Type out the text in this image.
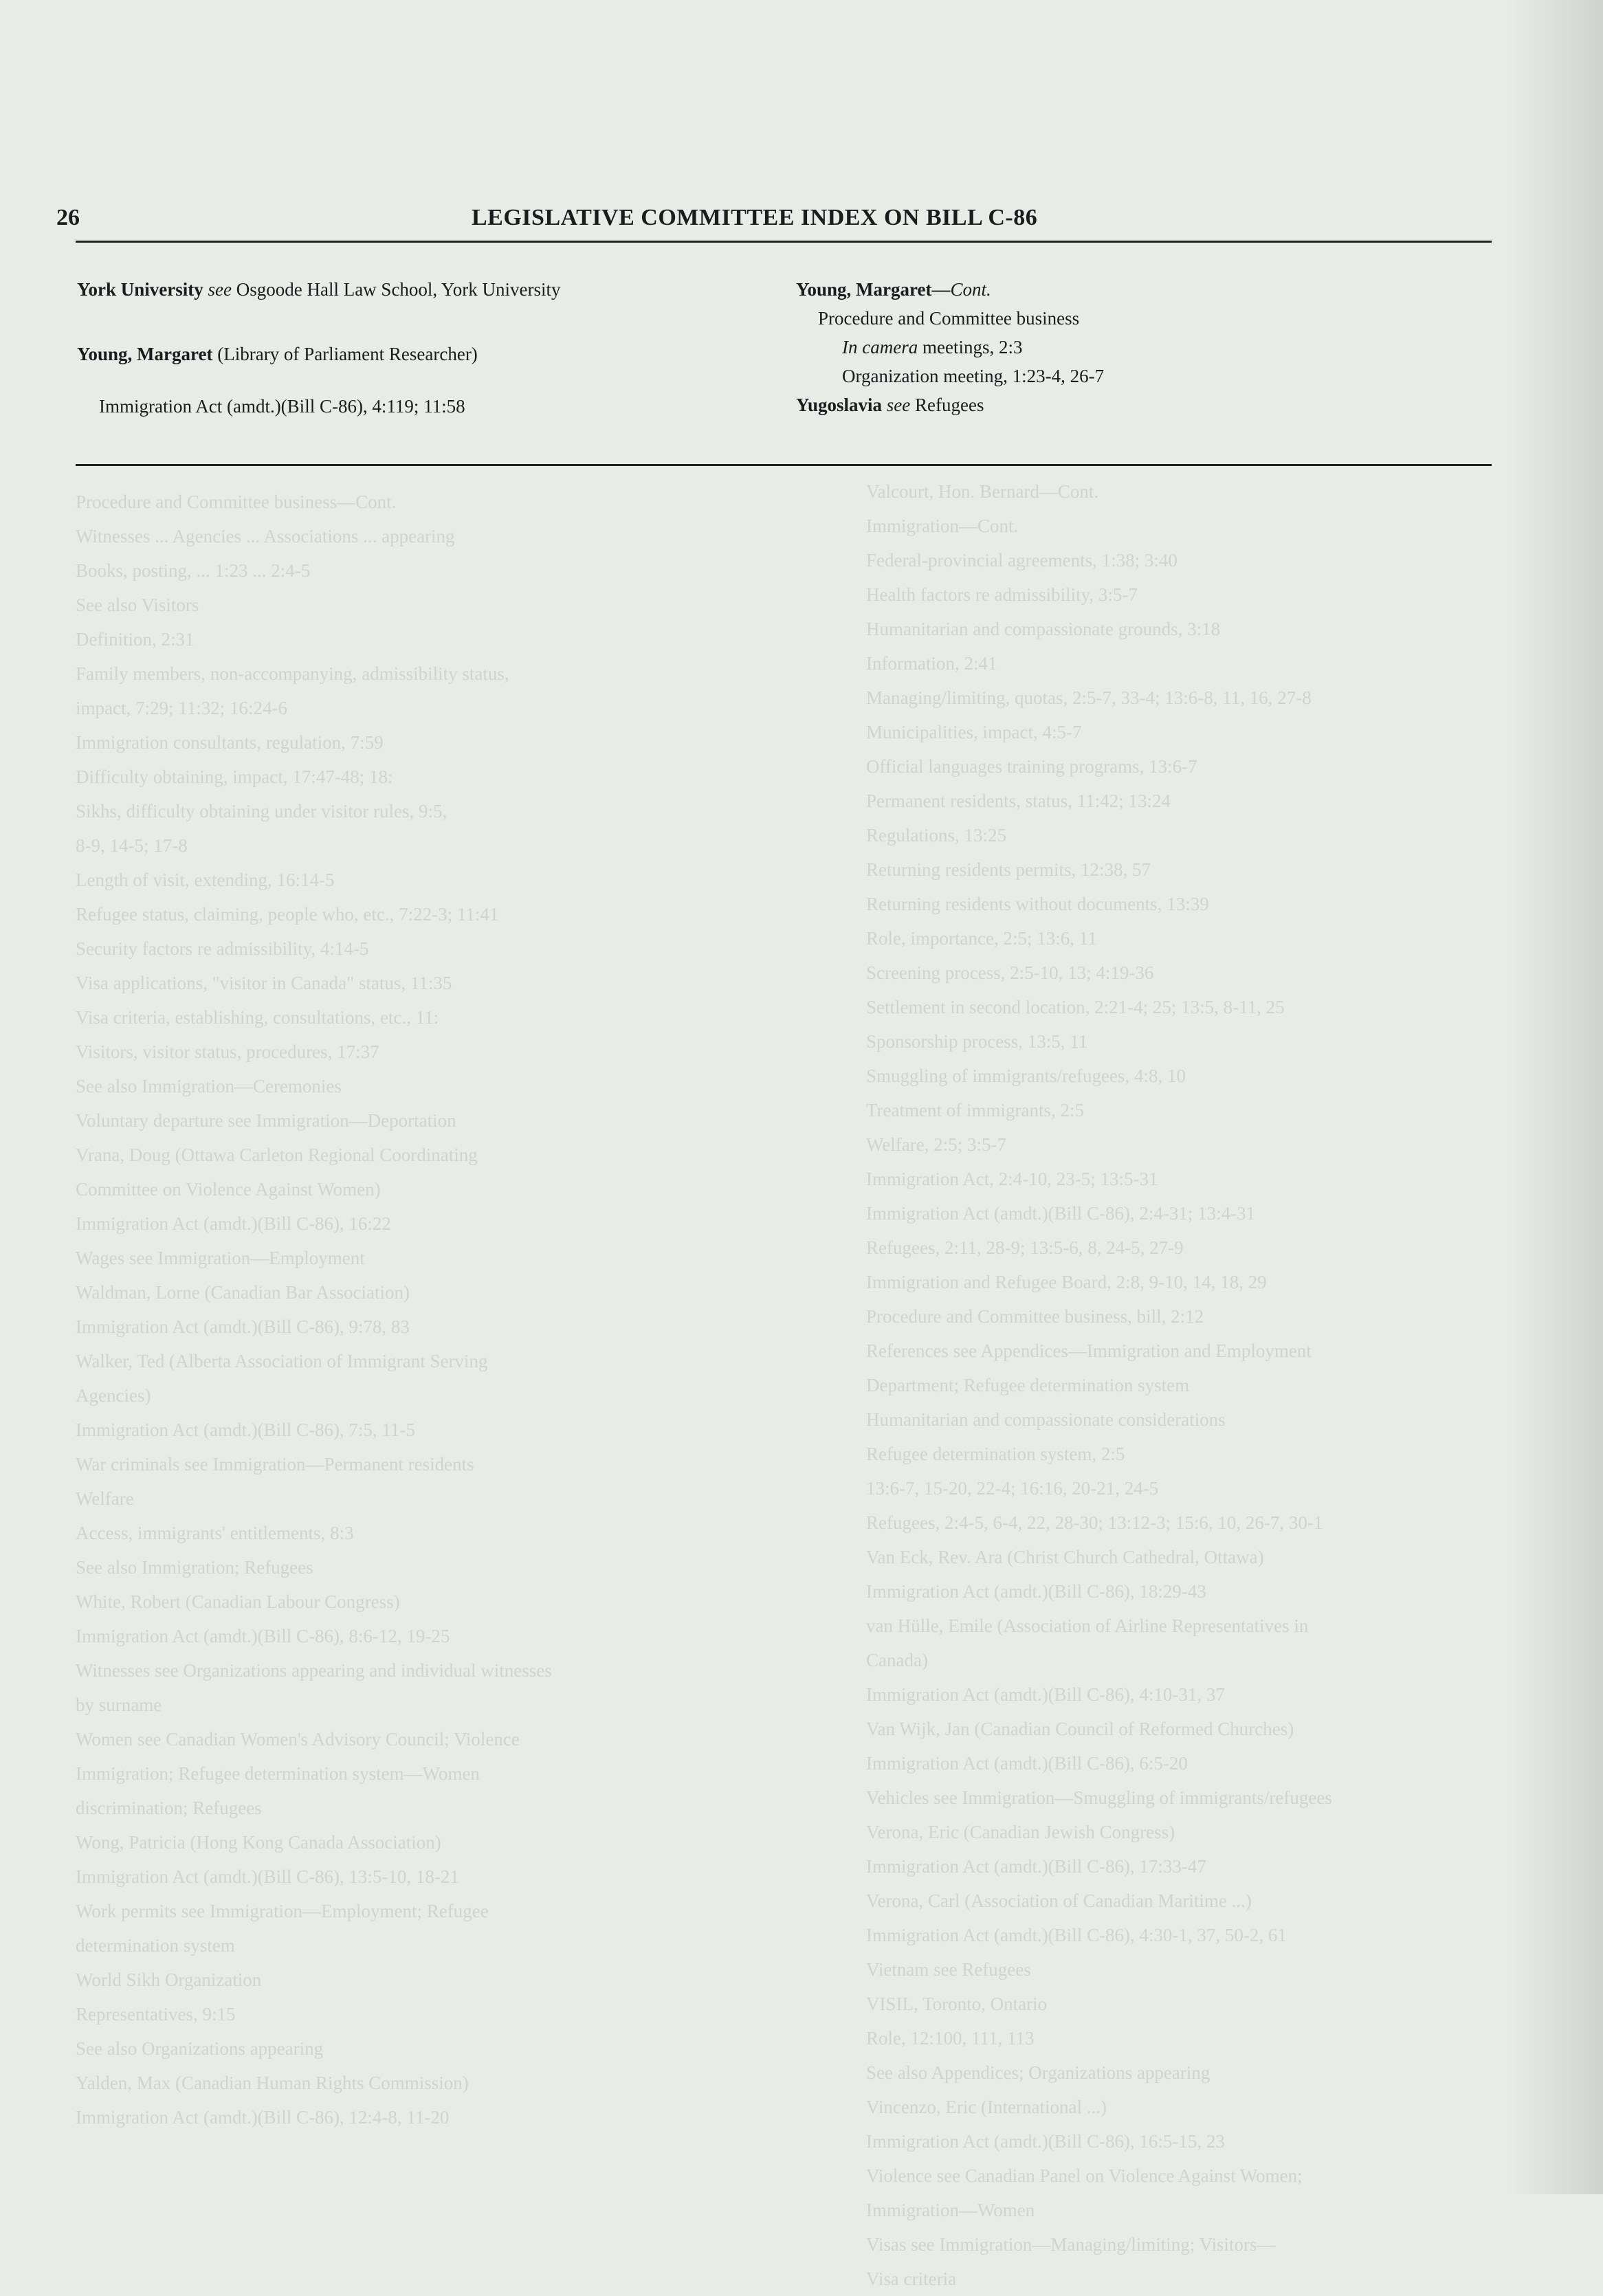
Procedure and Committee business—Cont.
Witnesses ... Agencies ... Associations ... appearing
Books, posting, ... 1:23 ... 2:4-5
See also Visitors
Definition, 2:31
Family members, non-accompanying, admissibility status,
impact, 7:29; 11:32; 16:24-6
Immigration consultants, regulation, 7:59
Difficulty obtaining, impact, 17:47-48; 18:
Sikhs, difficulty obtaining under visitor rules, 9:5,
8-9, 14-5; 17-8
Length of visit, extending, 16:14-5
Refugee status, claiming, people who, etc., 7:22-3; 11:41
Security factors re admissibility, 4:14-5
Visa applications, "visitor in Canada" status, 11:35
Visa criteria, establishing, consultations, etc., 11:
Visitors, visitor status, procedures, 17:37
See also Immigration—Ceremonies
Voluntary departure see Immigration—Deportation
Vrana, Doug (Ottawa Carleton Regional Coordinating
Committee on Violence Against Women)
Immigration Act (amdt.)(Bill C-86), 16:22
Wages see Immigration—Employment
Waldman, Lorne (Canadian Bar Association)
Immigration Act (amdt.)(Bill C-86), 9:78, 83
Walker, Ted (Alberta Association of Immigrant Serving
Agencies)
Immigration Act (amdt.)(Bill C-86), 7:5, 11-5
War criminals see Immigration—Permanent residents
Welfare
Access, immigrants' entitlements, 8:3
See also Immigration; Refugees
White, Robert (Canadian Labour Congress)
Immigration Act (amdt.)(Bill C-86), 8:6-12, 19-25
Witnesses see Organizations appearing and individual witnesses
by surname
Women see Canadian Women's Advisory Council; Violence
Immigration; Refugee determination system—Women
discrimination; Refugees
Wong, Patricia (Hong Kong Canada Association)
Immigration Act (amdt.)(Bill C-86), 13:5-10, 18-21
Work permits see Immigration—Employment; Refugee
determination system
World Sikh Organization
Representatives, 9:15
See also Organizations appearing
Yalden, Max (Canadian Human Rights Commission)
Immigration Act (amdt.)(Bill C-86), 12:4-8, 11-20
Valcourt, Hon. Bernard—Cont.
Immigration—Cont.
Federal-provincial agreements, 1:38; 3:40
Health factors re admissibility, 3:5-7
Humanitarian and compassionate grounds, 3:18
Information, 2:41
Managing/limiting, quotas, 2:5-7, 33-4; 13:6-8, 11, 16, 27-8
Municipalities, impact, 4:5-7
Official languages training programs, 13:6-7
Permanent residents, status, 11:42; 13:24
Regulations, 13:25
Returning residents permits, 12:38, 57
Returning residents without documents, 13:39
Role, importance, 2:5; 13:6, 11
Screening process, 2:5-10, 13; 4:19-36
Settlement in second location, 2:21-4; 25; 13:5, 8-11, 25
Sponsorship process, 13:5, 11
Smuggling of immigrants/refugees, 4:8, 10
Treatment of immigrants, 2:5
Welfare, 2:5; 3:5-7
Immigration Act, 2:4-10, 23-5; 13:5-31
Immigration Act (amdt.)(Bill C-86), 2:4-31; 13:4-31
Refugees, 2:11, 28-9; 13:5-6, 8, 24-5, 27-9
Immigration and Refugee Board, 2:8, 9-10, 14, 18, 29
Procedure and Committee business, bill, 2:12
References see Appendices—Immigration and Employment
Department; Refugee determination system
Humanitarian and compassionate considerations
Refugee determination system, 2:5
13:6-7, 15-20, 22-4; 16:16, 20-21, 24-5
Refugees, 2:4-5, 6-4, 22, 28-30; 13:12-3; 15:6, 10, 26-7, 30-1
Van Eck, Rev. Ara (Christ Church Cathedral, Ottawa)
Immigration Act (amdt.)(Bill C-86), 18:29-43
van Hülle, Emile (Association of Airline Representatives in
Canada)
Immigration Act (amdt.)(Bill C-86), 4:10-31, 37
Van Wijk, Jan (Canadian Council of Reformed Churches)
Immigration Act (amdt.)(Bill C-86), 6:5-20
Vehicles see Immigration—Smuggling of immigrants/refugees
Verona, Eric (Canadian Jewish Congress)
Immigration Act (amdt.)(Bill C-86), 17:33-47
Verona, Carl (Association of Canadian Maritime ...)
Immigration Act (amdt.)(Bill C-86), 4:30-1, 37, 50-2, 61
Vietnam see Refugees
VISIL, Toronto, Ontario
Role, 12:100, 111, 113
See also Appendices; Organizations appearing
Vincenzo, Eric (International ...)
Immigration Act (amdt.)(Bill C-86), 16:5-15, 23
Violence see Canadian Panel on Violence Against Women;
Immigration—Women
Visas see Immigration—Managing/limiting; Visitors—
Visa criteria
26	LEGISLATIVE COMMITTEE INDEX ON BILL C-86
York University see Osgoode Hall Law School, York University
Young, Margaret (Library of Parliament Researcher)
Immigration Act (amdt.)(Bill C-86), 4:119; 11:58
Young, Margaret—Cont.
Procedure and Committee business
In camera meetings, 2:3
Organization meeting, 1:23-4, 26-7
Yugoslavia see Refugees
